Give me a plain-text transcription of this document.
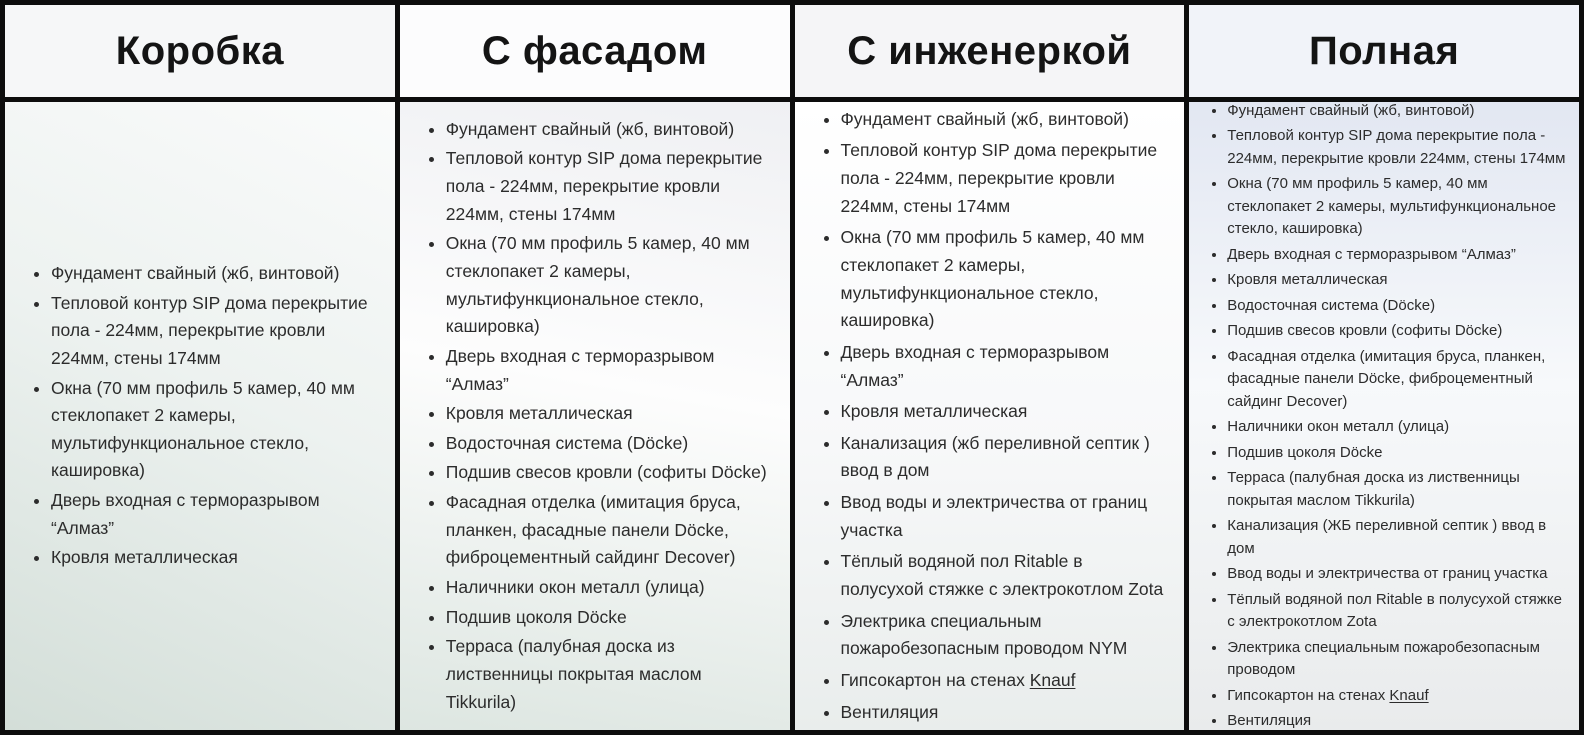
Коробка
• Фундамент свайный (жб, винтовой)
• Тепловой контур SIP дома перекрытие пола - 224мм, перекрытие кровли 224мм, стены 174мм
• Окна (70 мм профиль 5 камер, 40 мм стеклопакет 2 камеры, мультифункциональное стекло, кашировка)
• Дверь входная с терморазрывом “Алмаз”
• Кровля металлическая
С фасадом
• Фундамент свайный (жб, винтовой)
• Тепловой контур SIP дома перекрытие пола - 224мм, перекрытие кровли 224мм, стены 174мм
• Окна (70 мм профиль 5 камер, 40 мм стеклопакет 2 камеры, мультифункциональное стекло, кашировка)
• Дверь входная с терморазрывом “Алмаз”
• Кровля металлическая
• Водосточная система (Döcke)
• Подшив свесов кровли (софиты Döcke)
• Фасадная отделка (имитация бруса, планкен, фасадные панели Döcke, фиброцементный сайдинг Decover)
• Наличники окон металл (улица)
• Подшив цоколя Döcke
• Терраса (палубная доска из лиственницы покрытая маслом Tikkurila)
С инженеркой
• Фундамент свайный (жб, винтовой)
• Тепловой контур SIP дома перекрытие пола - 224мм, перекрытие кровли 224мм, стены 174мм
• Окна (70 мм профиль 5 камер, 40 мм стеклопакет 2 камеры, мультифункциональное стекло, кашировка)
• Дверь входная с терморазрывом “Алмаз”
• Кровля металлическая
• Канализация (жб переливной септик ) ввод в дом
• Ввод воды и электричества от границ участка
• Тёплый водяной пол Ritable в полусухой стяжке с электрокотлом Zota
• Электрика специальным пожаробезопасным проводом NYM
• Гипсокартон на стенах Knauf
• Вентиляция
Полная
• Фундамент свайный (жб, винтовой)
• Тепловой контур SIP дома перекрытие пола - 224мм, перекрытие кровли 224мм, стены 174мм
• Окна (70 мм профиль 5 камер, 40 мм стеклопакет 2 камеры, мультифункциональное стекло, кашировка)
• Дверь входная с терморазрывом “Алмаз”
• Кровля металлическая
• Водосточная система (Döcke)
• Подшив свесов кровли (софиты Döcke)
• Фасадная отделка (имитация бруса, планкен, фасадные панели Döcke, фиброцементный сайдинг Decover)
• Наличники окон металл (улица)
• Подшив цоколя Döcke
• Терраса (палубная доска из лиственницы покрытая маслом Tikkurila)
• Канализация (ЖБ переливной септик ) ввод в дом
• Ввод воды и электричества от границ участка
• Тёплый водяной пол Ritable в полусухой стяжке с электрокотлом Zota
• Электрика специальным пожаробезопасным проводом
• Гипсокартон на стенах Knauf
• Вентиляция
